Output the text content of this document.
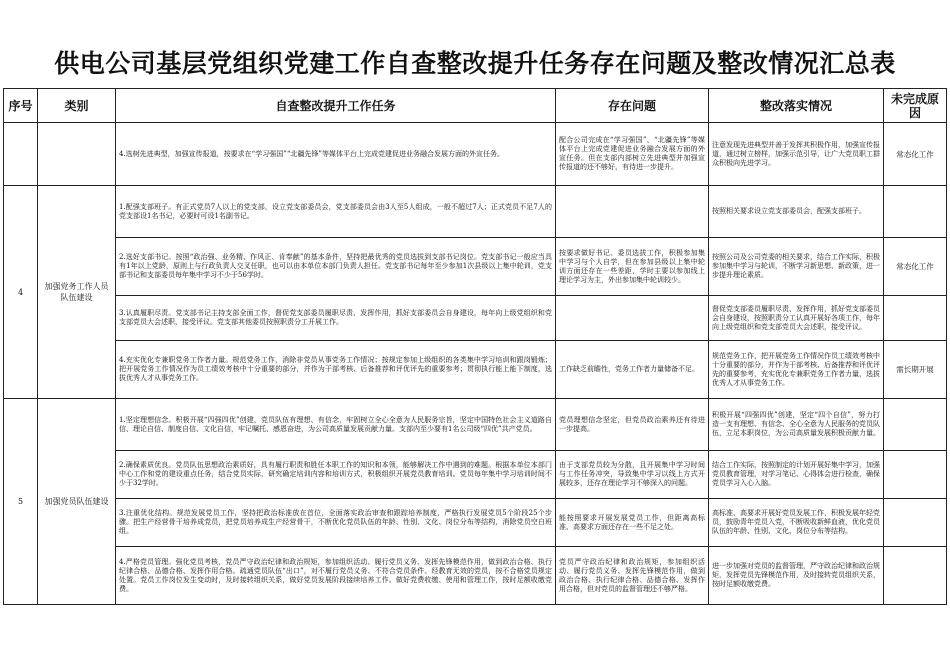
供电公司基层党组织党建工作自查整改提升任务存在问题及整改情况汇总表
序号	类别	自查整改提升工作任务	存在问题	整改落实情况	未完成原因
		4.选树先进典型，加强宣传报道，按要求在“学习强国”“北疆先锋”等媒体平台上完成党建促进业务融合发展方面的外宣任务。	配合公司完成在“学习强国”、“北疆先锋”等媒体平台上完成党建促进业务融合发展方面的外宣任务。但在支部内部树立先进典型并加强宣传报道的还不够好，有待进一步提升。	注意发现先进典型并善于发挥其积极作用，加强宣传报道，通过树立榜样，加强示范引导，让广大党员职工群众积极向先进学习。	常态化工作
4	加强党务工作人员队伍建设	1.配强支部班子。有正式党员7人以上的党支部，设立党支部委员会，党支部委员会由3人至5人组成，一般不超过7人；正式党员不足7人的党支部设1名书记，必要时可设1名副书记。		按照相关要求设立党支部委员会，配强支部班子。	
		2.选好支部书记。按照“政治强、业务精、作风正、肯奉献”的基本条件，坚持把最优秀的党员选拔到支部书记岗位。党支部书记一般应当具有1年以上党龄，原则上与行政负责人交叉任职，也可以由本单位本部门负责人担任。党支部书记每年至少参加1次县级以上集中轮训，党支部书记和支部委员每年集中学习不少于56学时。	按要求做好书记、委员选拔工作，积极参加集中学习与个人自学，但在参加县级以上集中轮训方面还存在一些差距，学时主要以参加线上理论学习为主，外出参加集中轮训较少。	按照公司及公司党委的相关要求，结合工作实际，积极参加集中学习与轮训，不断学习新思想、新政策，进一步提升理论素质。	常态化工作
		3.认真履职尽责。党支部书记主持支部全面工作，督促党支部委员履职尽责、发挥作用，抓好支部委员会自身建设，每年向上级党组织和党支部党员大会述职，接受评议。党支部其他委员按照职责分工开展工作。		督促党支部委员履职尽责、发挥作用，抓好党支部委员会自身建设，按照职责分工认真开展好各项工作，每年向上级党组织和党支部党员大会述职，接受评议。	
		4.充实优化专兼职党务工作者力量。规范党务工作，消除非党员从事党务工作情况；按规定参加上级组织的各类集中学习培训和跟岗锻炼；把开展党务工作情况作为员工绩效考核中十分重要的部分，并作为干部考核、后备推荐和评优评先的重要参考；贯彻执行能上能下制度，选拔优秀人才从事党务工作。	工作缺乏前瞻性，党务工作者力量储备不足。	规范党务工作，把开展党务工作情况作员工绩效考核中十分重要的部分，并作为干部考核、后备推荐和评优评先的重要参考，充实优化专兼职党务工作者力量，选拔优秀人才从事党务工作。	需长期开展
5	加强党员队伍建设	1.坚定理想信念。积极开展“四强四优”创建，党员队伍有理想、有信念，牢固树立全心全意为人民服务宗旨，坚定中国特色社会主义道路自信、理论自信、制度自信、文化自信，牢记嘱托、感恩奋进，为公司高质量发展贡献力量。支部内至少要有1名公司级“四优”共产党员。	党员理想信念坚定，但党员政治素养还有待进一步提高。	积极开展“四强四优”创建，坚定“四个自信”，努力打造一支有理想、有信念、全心全意为人民服务的党员队伍，立足本职岗位，为公司高质量发展积极贡献力量。	
		2.确保素质优良。党员队伍思想政治素质好，具有履行职责和胜任本职工作的知识和本领，能够解决工作中遇到的难题。根据本单位本部门中心工作和党的建设重点任务，结合党员实际，研究确定培训内容和培训方式，积极组织开展党员教育培训。党员每年集中学习培训时间不少于32学时。	由于支部党员较为分散，且开展集中学习时间与工作任务冲突，导致集中学习以线上方式开展较多，还存在理论学习不够深入的问题。	结合工作实际，按照制定的计划开展好集中学习，加强党员教育管理，对学习笔记、心得体会进行检查，确保党员学习入心入脑。	
		3.注重优化结构。规范发展党员工作，坚持把政治标准放在首位，全面落实政治审查和跟踪培养制度，严格执行发展党员5个阶段25个步骤。把生产经营骨干培养成党员，把党员培养成生产经营骨干，不断优化党员队伍的年龄、性别、文化、岗位分布等结构，消除党员空白班组。	能按照要求开展发展党员工作，但距离高标准、高要求方面还存在一些不足之处。	高标准、高要求开展好党员发展工作，积极发展年轻党员，鼓励青年党员入党，不断吸收新鲜血液，优化党员队伍的年龄、性别、文化、岗位分布等结构。	
		4.严格党员管理。强化党员考核，党员严守政治纪律和政治规矩，参加组织活动、履行党员义务、发挥先锋模范作用，做到政治合格、执行纪律合格、品德合格、发挥作用合格。疏通党员队伍“出口”，对不履行党员义务、不符合党员条件、经教育无效的党员，按不合格党员规定处置。党员工作岗位发生变动时，及时接转组织关系，做好党员发展阶段接续培养工作。做好党费收缴、使用和管理工作，按时足额收缴党费。	党员严守政治纪律和政治规矩，参加组织活动、履行党员义务、发挥先锋模范作用，做到政治合格、执行纪律合格、品德合格、发挥作用合格，但对党员的监督管理还不够严格。	进一步加强对党员的监督管理，严守政治纪律和政治规矩，发挥党员先锋模范作用，及时接转党员组织关系，按时足额收缴党费。	
